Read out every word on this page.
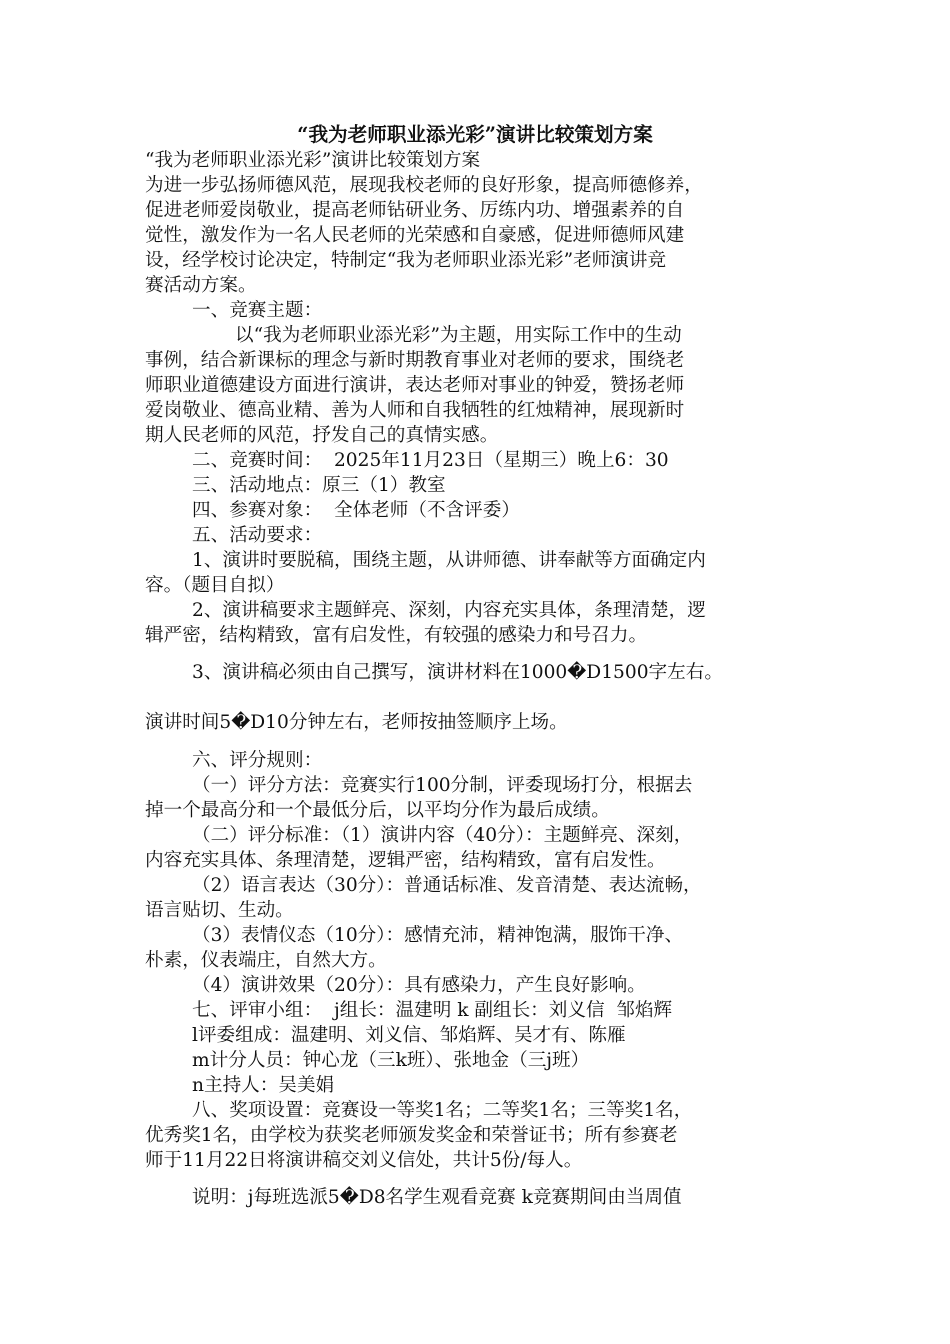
“我为老师职业添光彩”演讲比较策划方案
“我为老师职业添光彩”演讲比较策划方案
为进一步弘扬师德风范，展现我校老师的良好形象，提高师德修养，
促进老师爱岗敬业，提高老师钻研业务、厉练内功、增强素养的自
觉性，激发作为一名人民老师的光荣感和自豪感，促进师德师风建
设，经学校讨论决定，特制定“我为老师职业添光彩”老师演讲竞
赛活动方案。
一、竞赛主题：
以“我为老师职业添光彩”为主题，用实际工作中的生动
事例，结合新课标的理念与新时期教育事业对老师的要求，围绕老
师职业道德建设方面进行演讲，表达老师对事业的钟爱，赞扬老师
爱岗敬业、德高业精、善为人师和自我牺牲的红烛精神，展现新时
期人民老师的风范，抒发自己的真情实感。
二、竞赛时间：  2025年11月23日（星期三）晚上6：30
三、活动地点：原三（1）教室
四、参赛对象：  全体老师（不含评委）
五、活动要求：
1、演讲时要脱稿，围绕主题，从讲师德、讲奉献等方面确定内
容。（题目自拟）
2、演讲稿要求主题鲜亮、深刻，内容充实具体，条理清楚，逻
辑严密，结构精致，富有启发性，有较强的感染力和号召力。
3、演讲稿必须由自己撰写，演讲材料在1000�D1500字左右。
演讲时间5�D10分钟左右，老师按抽签顺序上场。
六、评分规则：
（一）评分方法：竞赛实行100分制，评委现场打分，根据去
掉一个最高分和一个最低分后，以平均分作为最后成绩。
（二）评分标准：（1）演讲内容（40分）：主题鲜亮、深刻，
内容充实具体、条理清楚，逻辑严密，结构精致，富有启发性。
（2）语言表达（30分）：普通话标准、发音清楚、表达流畅，
语言贴切、生动。
（3）表情仪态（10分）：感情充沛，精神饱满，服饰干净、
朴素，仪表端庄，自然大方。
（4）演讲效果（20分）：具有感染力，产生良好影响。
七、评审小组：  j组长：温建明 k 副组长：刘义信  邹焰辉
l评委组成：温建明、刘义信、邹焰辉、吴才有、陈雁
m计分人员：钟心龙（三k班）、张地金（三j班）
n主持人：吴美娟
八、奖项设置：竞赛设一等奖1名；二等奖1名；三等奖1名，
优秀奖1名，由学校为获奖老师颁发奖金和荣誉证书；所有参赛老
师于11月22日将演讲稿交刘义信处，共计5份/每人。
说明：j每班选派5�D8名学生观看竞赛 k竞赛期间由当周值
